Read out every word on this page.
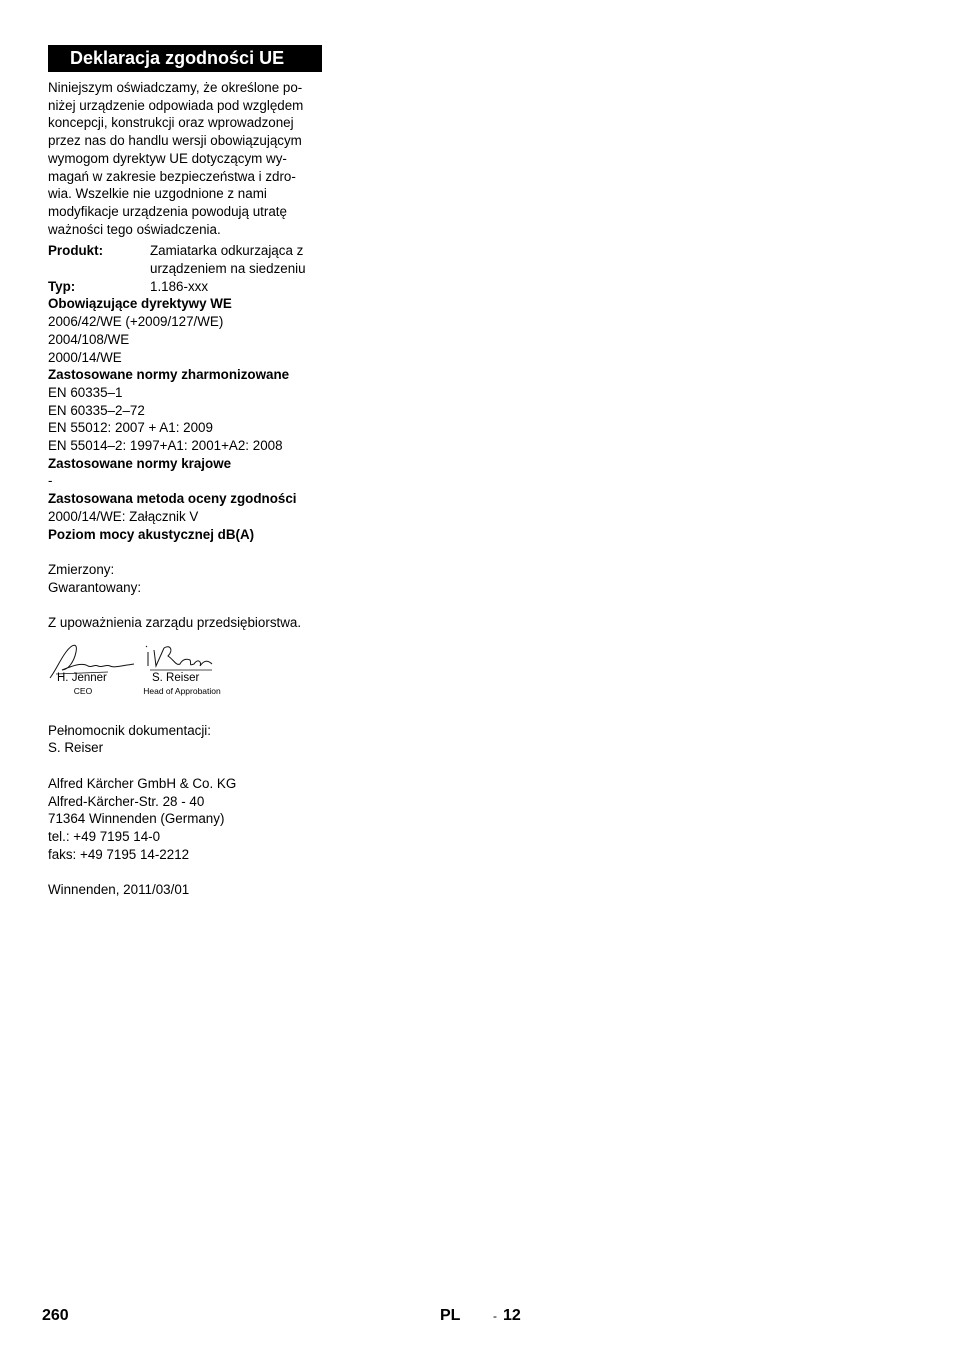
Deklaracja zgodności UE

Niniejszym oświadczamy, że określone po-
niżej urządzenie odpowiada pod względem
koncepcji, konstrukcji oraz wprowadzonej
przez nas do handlu wersji obowiązującym
wymogom dyrektyw UE dotyczącym wy-
magań w zakresie bezpieczeństwa i zdro-
wia. Wszelkie nie uzgodnione z nami
modyfikacje urządzenia powodują utratę
ważności tego oświadczenia.

Produkt:	Zamiatarka odkurzająca z
urządzeniem na siedzeniu
Typ:	1.186-xxx
Obowiązujące dyrektywy WE
2006/42/WE (+2009/127/WE)
2004/108/WE
2000/14/WE
Zastosowane normy zharmonizowane
EN 60335–1
EN 60335–2–72
EN 55012: 2007 + A1: 2009
EN 55014–2: 1997+A1: 2001+A2: 2008
Zastosowane normy krajowe
-
Zastosowana metoda oceny zgodności
2000/14/WE: Załącznik V
Poziom mocy akustycznej dB(A)
Zmierzony:
Gwarantowany:
Z upoważnienia zarządu przedsiębiorstwa.
H. Jenner
CEO
S. Reiser
Head of Approbation
Pełnomocnik dokumentacji:
S. Reiser
Alfred Kärcher GmbH & Co. KG
Alfred-Kärcher-Str. 28 - 40
71364 Winnenden (Germany)
tel.: +49 7195 14-0
faks: +49 7195 14-2212
Winnenden, 2011/03/01
260	PL	- 12
